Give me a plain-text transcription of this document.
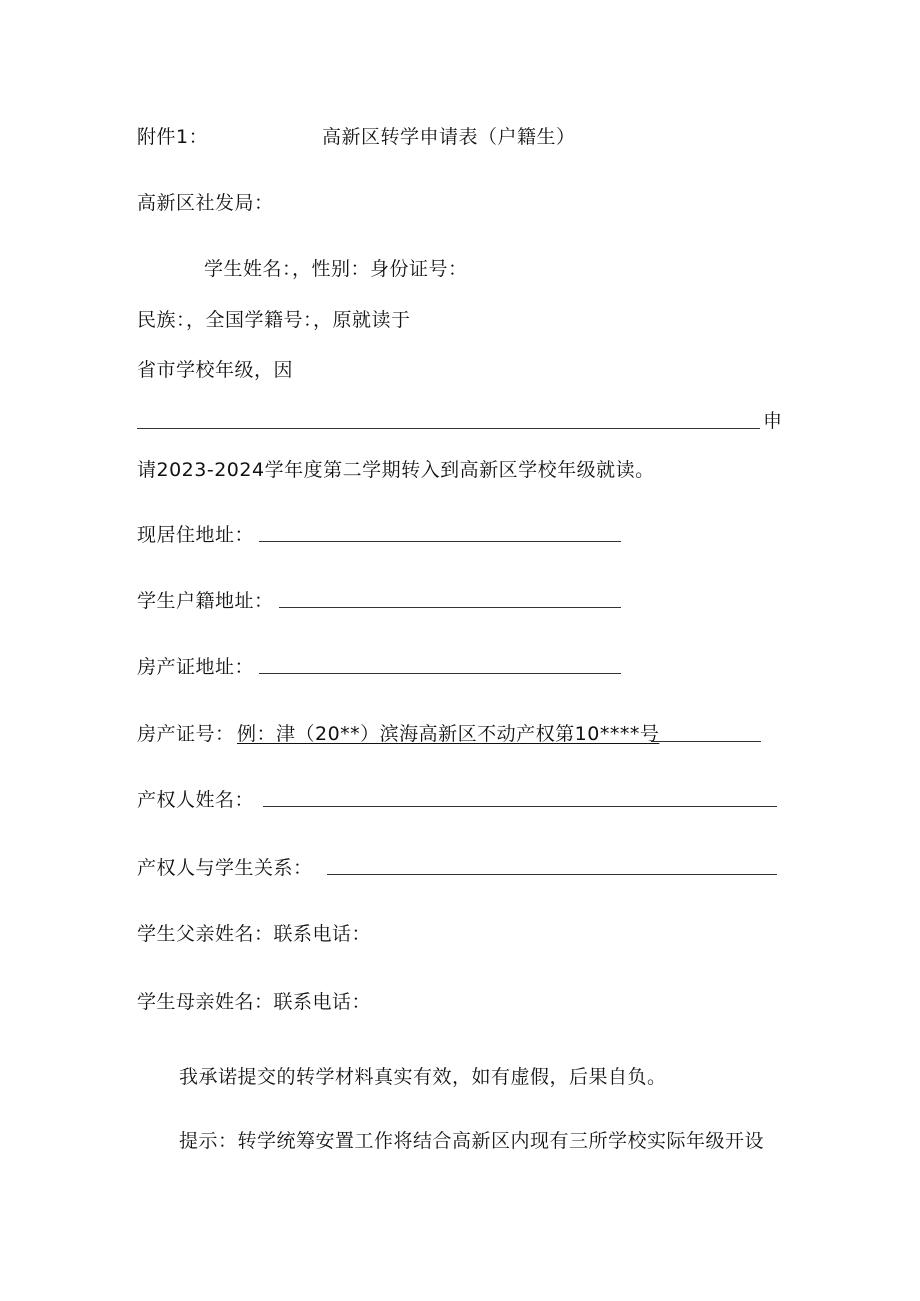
附件1：	高新区转学申请表（户籍生）
高新区社发局：
学生姓名：，性别：身份证号：
民族：，全国学籍号：，原就读于
省市学校年级，因
申
请2023-2024学年度第二学期转入到高新区学校年级就读。
现居住地址：
学生户籍地址：
房产证地址：
房产证号： 例：津（20**）滨海高新区不动产权第10****号
产权人姓名：
产权人与学生关系：
学生父亲姓名：联系电话：
学生母亲姓名：联系电话：
我承诺提交的转学材料真实有效，如有虚假，后果自负。
提示：转学统筹安置工作将结合高新区内现有三所学校实际年级开设
